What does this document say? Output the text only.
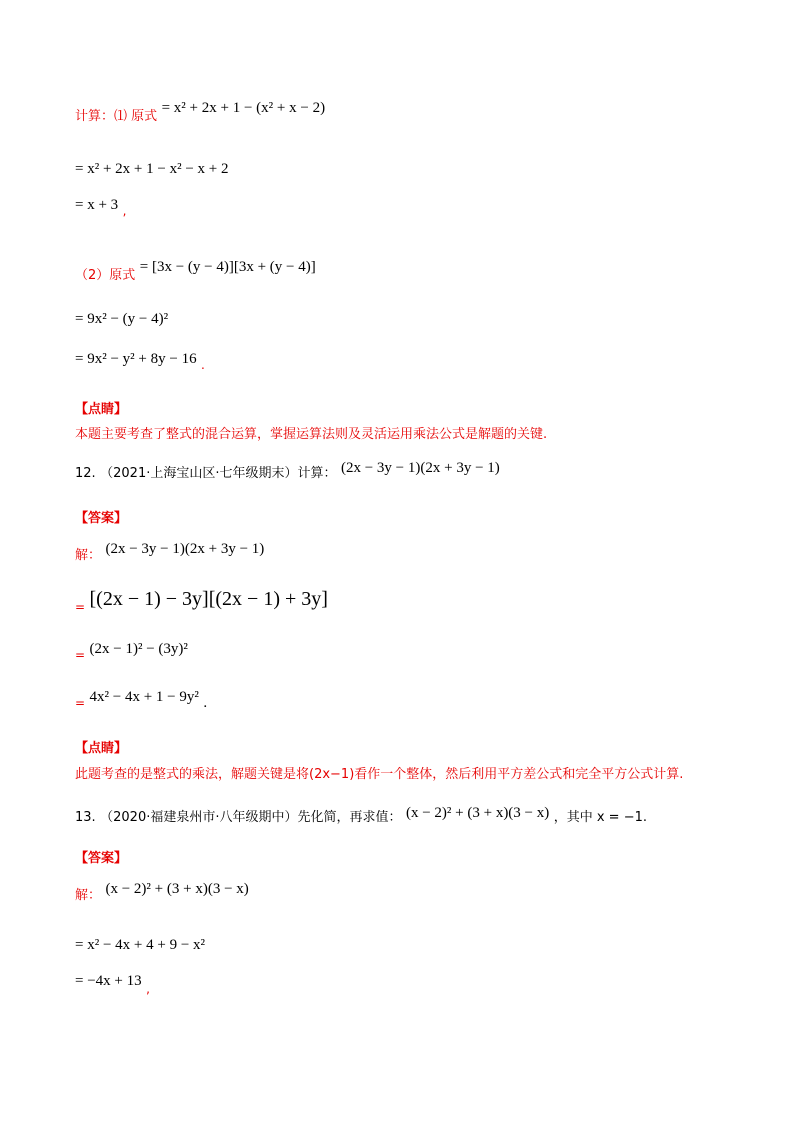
计算：⑴ 原式 = x² + 2x + 1 − (x² + x − 2)
= x² + 2x + 1 − x² − x + 2
= x + 3 ,
（2）原式 = [3x − (y − 4)][3x + (y − 4)]
= 9x² − (y − 4)²
= 9x² − y² + 8y − 16 .
【点睛】
本题主要考查了整式的混合运算，掌握运算法则及灵活运用乘法公式是解题的关键.
12. （2021·上海宝山区·七年级期末）计算： (2x − 3y − 1)(2x + 3y − 1)
【答案】
解： (2x − 3y − 1)(2x + 3y − 1)
= [(2x − 1) − 3y][(2x − 1) + 3y]
= (2x − 1)² − (3y)²
= 4x² − 4x + 1 − 9y² .
【点睛】
此题考查的是整式的乘法，解题关键是将(2x−1)看作一个整体，然后利用平方差公式和完全平方公式计算.
13. （2020·福建泉州市·八年级期中）先化简，再求值： (x − 2)² + (3 + x)(3 − x) ，其中 x = −1.
【答案】
解： (x − 2)² + (3 + x)(3 − x)
= x² − 4x + 4 + 9 − x²
= −4x + 13 ,
